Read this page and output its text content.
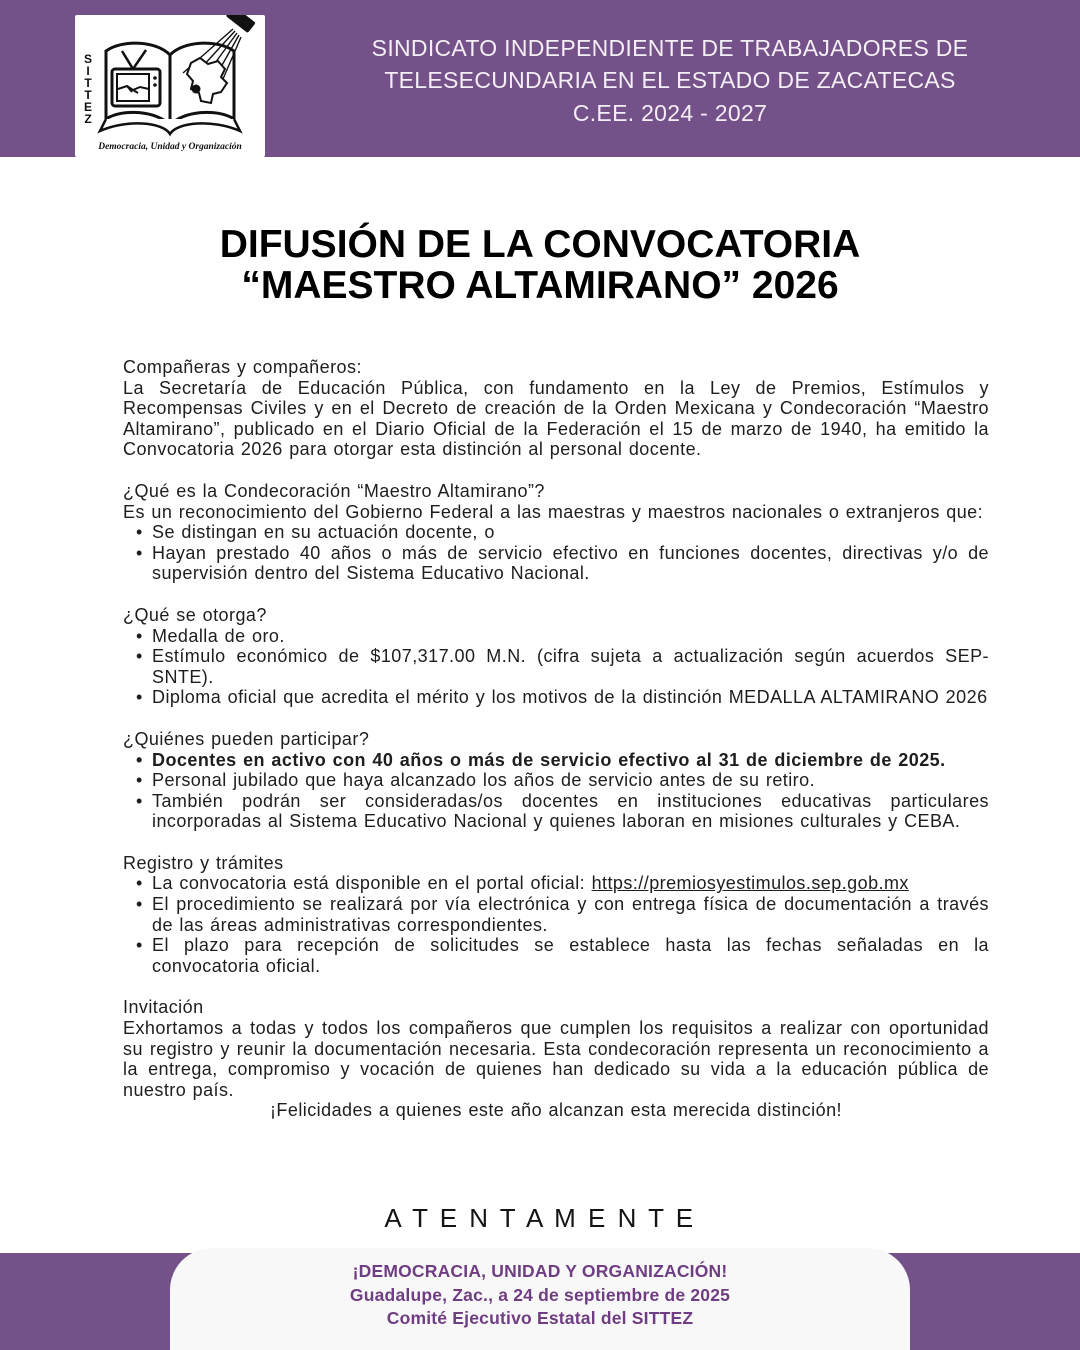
S
I
T
T
E
Z
Democracia, Unidad y Organización
SINDICATO INDEPENDIENTE DE TRABAJADORES DE
TELESECUNDARIA EN EL ESTADO DE ZACATECAS
C.EE. 2024 - 2027
DIFUSIÓN DE LA CONVOCATORIA
“MAESTRO ALTAMIRANO” 2026

Compañeras y compañeros:

La Secretaría de Educación Pública, con fundamento en la Ley de Premios, Estímulos y Recompensas Civiles y en el Decreto de creación de la Orden Mexicana y Condecoración “Maestro Altamirano”, publicado en el Diario Oficial de la Federación el 15 de marzo de 1940, ha emitido la Convocatoria 2026 para otorgar esta distinción al personal docente.

¿Qué es la Condecoración “Maestro Altamirano”?

Es un reconocimiento del Gobierno Federal a las maestras y maestros nacionales o extranjeros que:

• Se distingan en su actuación docente, o
• Hayan prestado 40 años o más de servicio efectivo en funciones docentes, directivas y/o de supervisión dentro del Sistema Educativo Nacional.

¿Qué se otorga?

• Medalla de oro.
• Estímulo económico de $107,317.00 M.N. (cifra sujeta a actualización según acuerdos SEP-SNTE).
• Diploma oficial que acredita el mérito y los motivos de la distinción MEDALLA ALTAMIRANO 2026

¿Quiénes pueden participar?

• Docentes en activo con 40 años o más de servicio efectivo al 31 de diciembre de 2025.
• Personal jubilado que haya alcanzado los años de servicio antes de su retiro.
• También podrán ser consideradas/os docentes en instituciones educativas particulares incorporadas al Sistema Educativo Nacional y quienes laboran en misiones culturales y CEBA.

Registro y trámites

• La convocatoria está disponible en el portal oficial: https://premiosyestimulos.sep.gob.mx
• El procedimiento se realizará por vía electrónica y con entrega física de documentación a través de las áreas administrativas correspondientes.
• El plazo para recepción de solicitudes se establece hasta las fechas señaladas en la convocatoria oficial.

Invitación

Exhortamos a todas y todos los compañeros que cumplen los requisitos a realizar con oportunidad su registro y reunir la documentación necesaria. Esta condecoración representa un reconocimiento a la entrega, compromiso y vocación de quienes han dedicado su vida a la educación pública de nuestro país.

¡Felicidades a quienes este año alcanzan esta merecida distinción!
A T E N T A M E N T E
¡DEMOCRACIA, UNIDAD Y ORGANIZACIÓN!
Guadalupe, Zac., a 24 de septiembre de 2025
Comité Ejecutivo Estatal del SITTEZ
